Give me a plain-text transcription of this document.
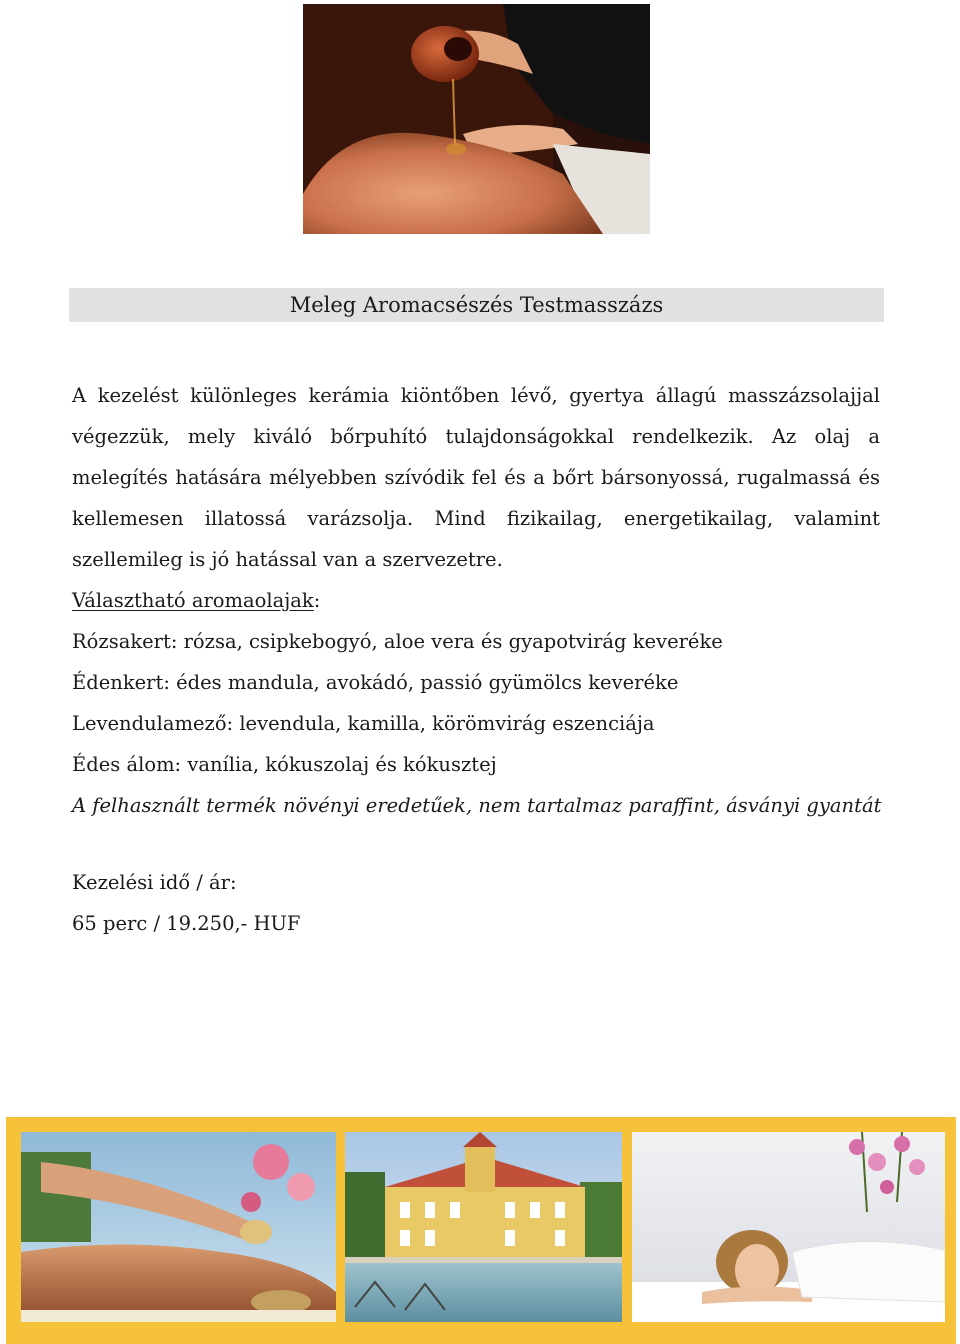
Meleg Aromacsészés Testmasszázs
A kezelést különleges kerámia kiöntőben lévő, gyertya állagú masszázsolajjal
végezzük, mely kiváló bőrpuhító tulajdonságokkal rendelkezik. Az olaj a
melegítés hatására mélyebben szívódik fel és a bőrt bársonyossá, rugalmassá és
kellemesen illatossá varázsolja. Mind fizikailag, energetikailag, valamint
szellemileg is jó hatással van a szervezetre.
Választható aromaolajak:
Rózsakert: rózsa, csipkebogyó, aloe vera és gyapotvirág keveréke
Édenkert: édes mandula, avokádó, passió gyümölcs keveréke
Levendulamező: levendula, kamilla, körömvirág eszenciája
Édes álom: vanília, kókuszolaj és kókusztej
A felhasznált termék növényi eredetűek, nem tartalmaz paraffint, ásványi gyantát
Kezelési idő / ár:
65 perc / 19.250,- HUF
